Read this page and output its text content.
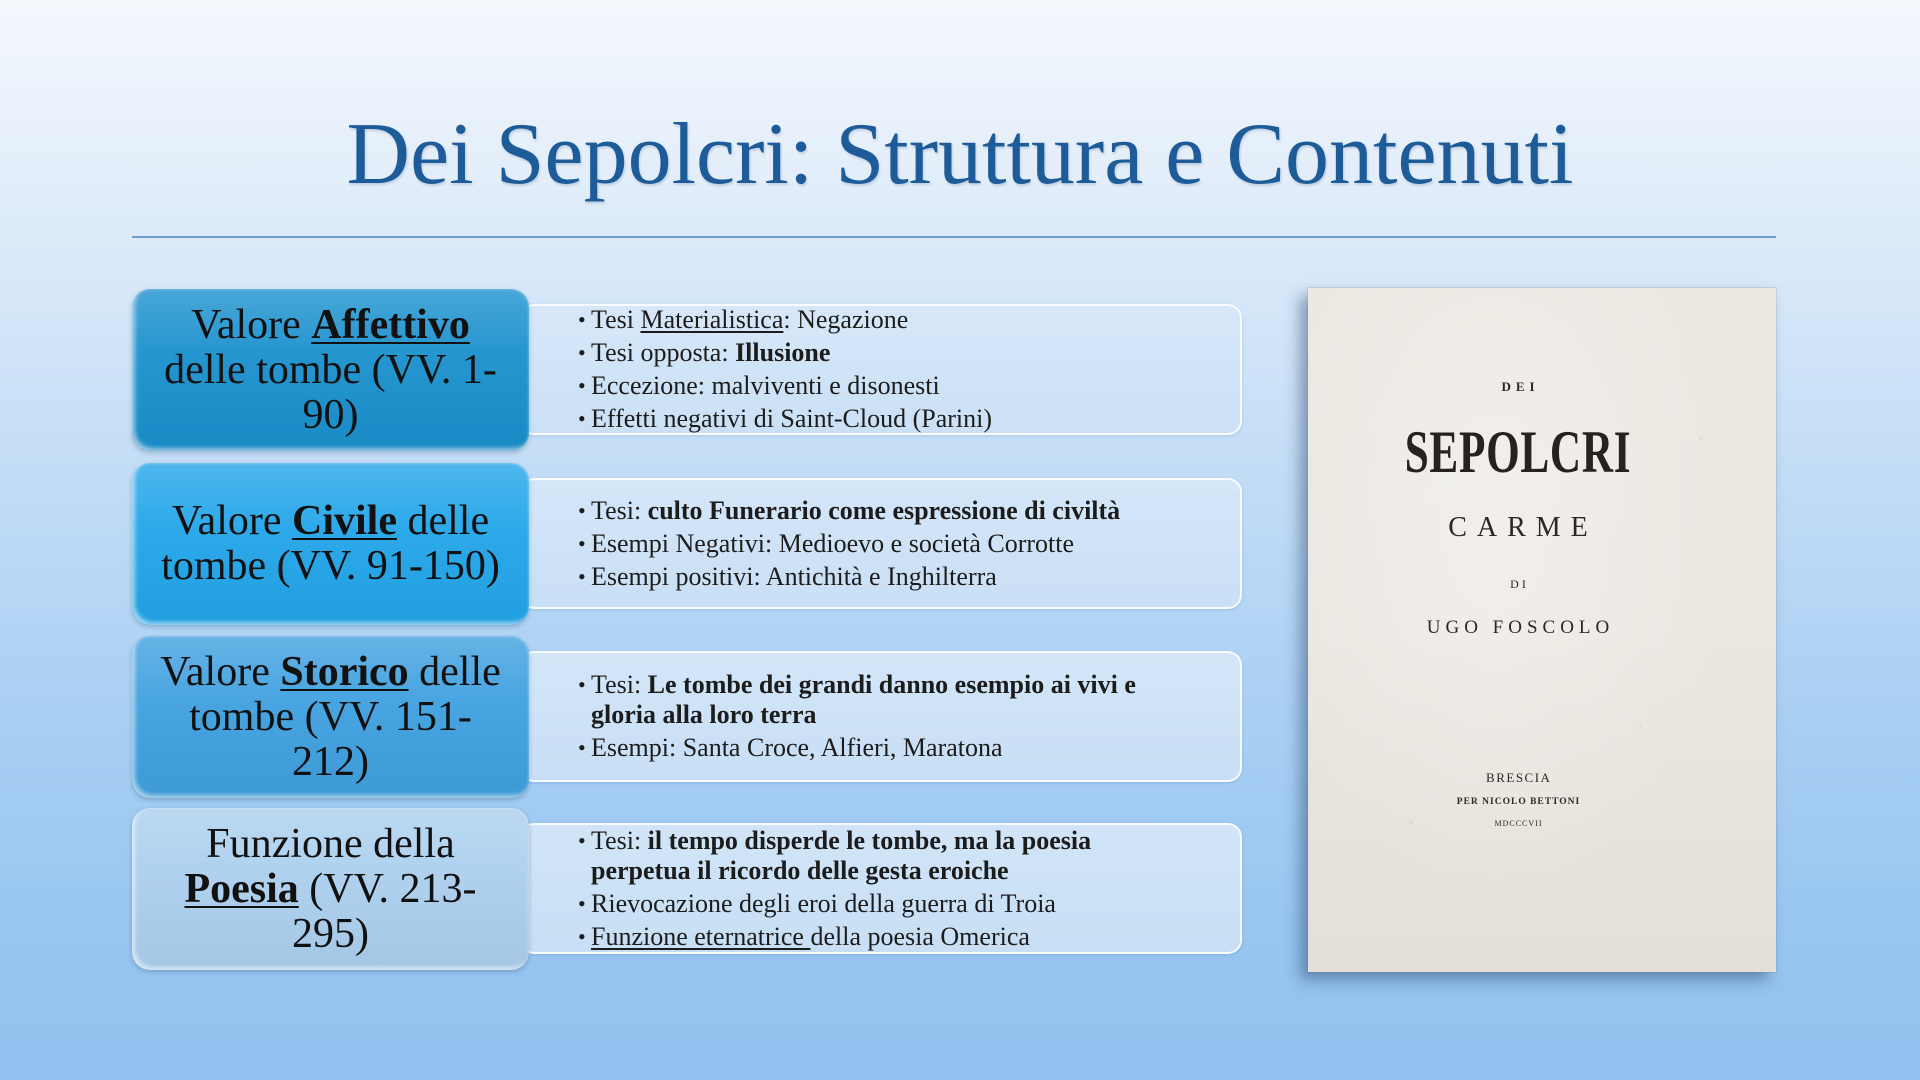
Dei Sepolcri: Struttura e Contenuti
Valore Affettivo
delle tombe (VV. 1-
90)
• Tesi Materialistica: Negazione
• Tesi opposta: Illusione
• Eccezione: malviventi e disonesti
• Effetti negativi di Saint-Cloud (Parini)
Valore Civile delle
tombe (VV. 91-150)
• Tesi: culto Funerario come espressione di civiltà
• Esempi Negativi: Medioevo e società Corrotte
• Esempi positivi: Antichità e Inghilterra
Valore Storico delle
tombe (VV. 151-
212)
• Tesi: Le tombe dei grandi danno esempio ai vivi e gloria alla loro terra
• Esempi: Santa Croce, Alfieri, Maratona
Funzione della
Poesia (VV. 213-
295)
• Tesi: il tempo disperde le tombe, ma la poesia perpetua il ricordo delle gesta eroiche
• Rievocazione degli eroi della guerra di Troia
• Funzione eternatrice della poesia Omerica
DEI
SEPOLCRI
CARME
DI
UGO FOSCOLO
BRESCIA
PER NICOLO BETTONI
MDCCCVII
